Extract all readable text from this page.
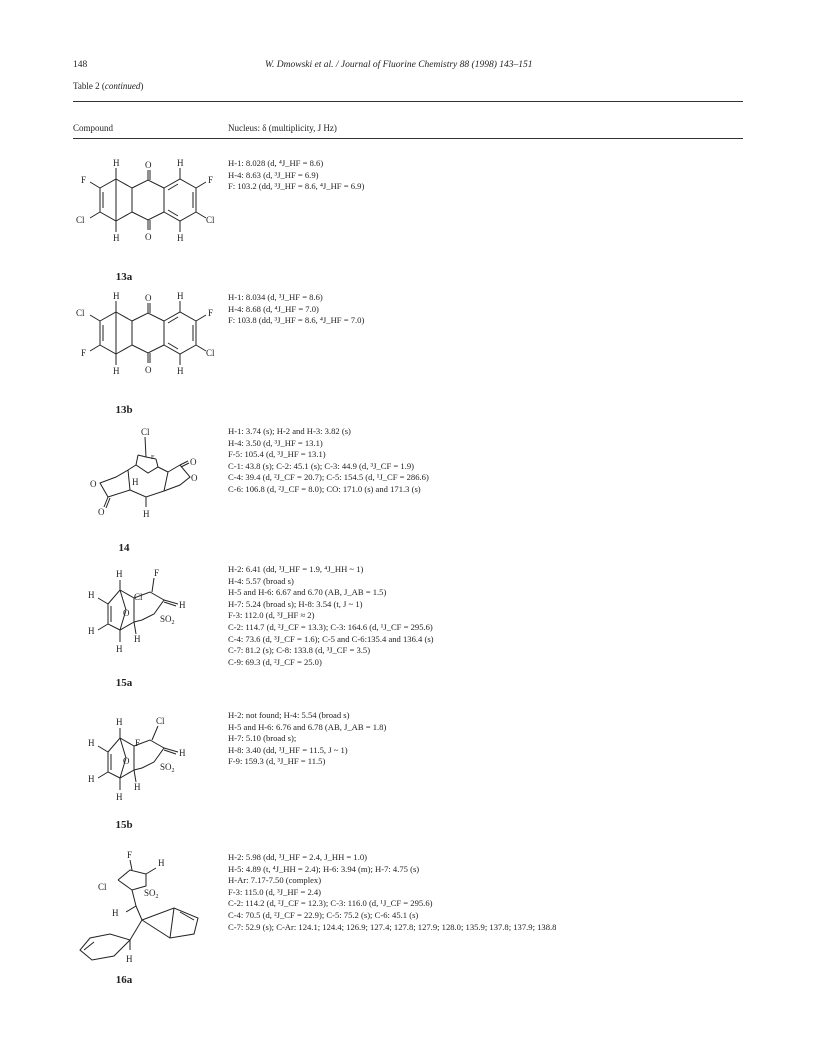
148	W. Dmowski et al. / Journal of Fluorine Chemistry 88 (1998) 143–151
Table 2 (continued)
Compound	Nucleus: δ (multiplicity, J Hz)
O
O
H	H
H	H
F	F
Cl	Cl
13a
H-1: 8.028 (d, ⁴J_HF = 8.6)
H-4: 8.63 (d, ³J_HF = 6.9)
F: 103.2 (dd, ³J_HF = 8.6, ⁴J_HF = 6.9)
O
O
H	H
H	H
Cl	F
F	Cl
13b
H-1: 8.034 (d, ³J_HF = 8.6)
H-4: 8.68 (d, ⁴J_HF = 7.0)
F: 103.8 (dd, ³J_HF = 8.6, ⁴J_HF = 7.0)
Cl
F
H
O
O
O
O	H
14
H-1: 3.74 (s); H-2 and H-3: 3.82 (s)
H-4: 3.50 (d, ³J_HF = 13.1)
F-5: 105.4 (d, ³J_HF = 13.1)
C-1: 43.8 (s); C-2: 45.1 (s); C-3: 44.9 (d, ³J_CF = 1.9)
C-4: 39.4 (d, ²J_CF = 20.7); C-5: 154.5 (d, ¹J_CF = 286.6)
C-6: 106.8 (d, ²J_CF = 8.0); CO: 171.0 (s) and 171.3 (s)
H
Cl
F
H
$SO_2$
H
H
O
H
H
15a
H-2: 6.41 (dd, ³J_HF = 1.9, ⁴J_HH ~ 1)
H-4: 5.57 (broad s)
H-5 and H-6: 6.67 and 6.70 (AB, J_AB = 1.5)
H-7: 5.24 (broad s); H-8: 3.54 (t, J ~ 1)
F-3: 112.0 (d, ³J_HF ≈ 2)
C-2: 114.7 (d, ²J_CF = 13.3); C-3: 164.6 (d, ¹J_CF = 295.6)
C-4: 73.6 (d, ³J_CF = 1.6); C-5 and C-6:135.4 and 136.4 (s)
C-7: 81.2 (s); C-8: 133.8 (d, ³J_CF = 3.5)
C-9: 69.3 (d, ²J_CF = 25.0)
H
F
Cl
H
$SO_2$
H
H
O
H
H
15b
H-2: not found; H-4: 5.54 (broad s)
H-5 and H-6: 6.76 and 6.78 (AB, J_AB = 1.8)
H-7: 5.10 (broad s);
H-8: 3.40 (dd, ³J_HF = 11.5, J ~ 1)
F-9: 159.3 (d, ³J_HF = 11.5)
F
H
Cl
$SO_2$
H
H
16a
H-2: 5.98 (dd, ³J_HF = 2.4, J_HH = 1.0)
H-5: 4.89 (t, ⁴J_HH = 2.4); H-6: 3.94 (m); H-7: 4.75 (s)
H-Ar: 7.17-7.50 (complex)
F-3: 115.0 (d, ³J_HF = 2.4)
C-2: 114.2 (d, ²J_CF = 12.3); C-3: 116.0 (d, ¹J_CF = 295.6)
C-4: 70.5 (d, ²J_CF = 22.9); C-5: 75.2 (s); C-6: 45.1 (s)
C-7: 52.9 (s); C-Ar: 124.1; 124.4; 126.9; 127.4; 127.8; 127.9; 128.0; 135.9; 137.8; 137.9; 138.8
